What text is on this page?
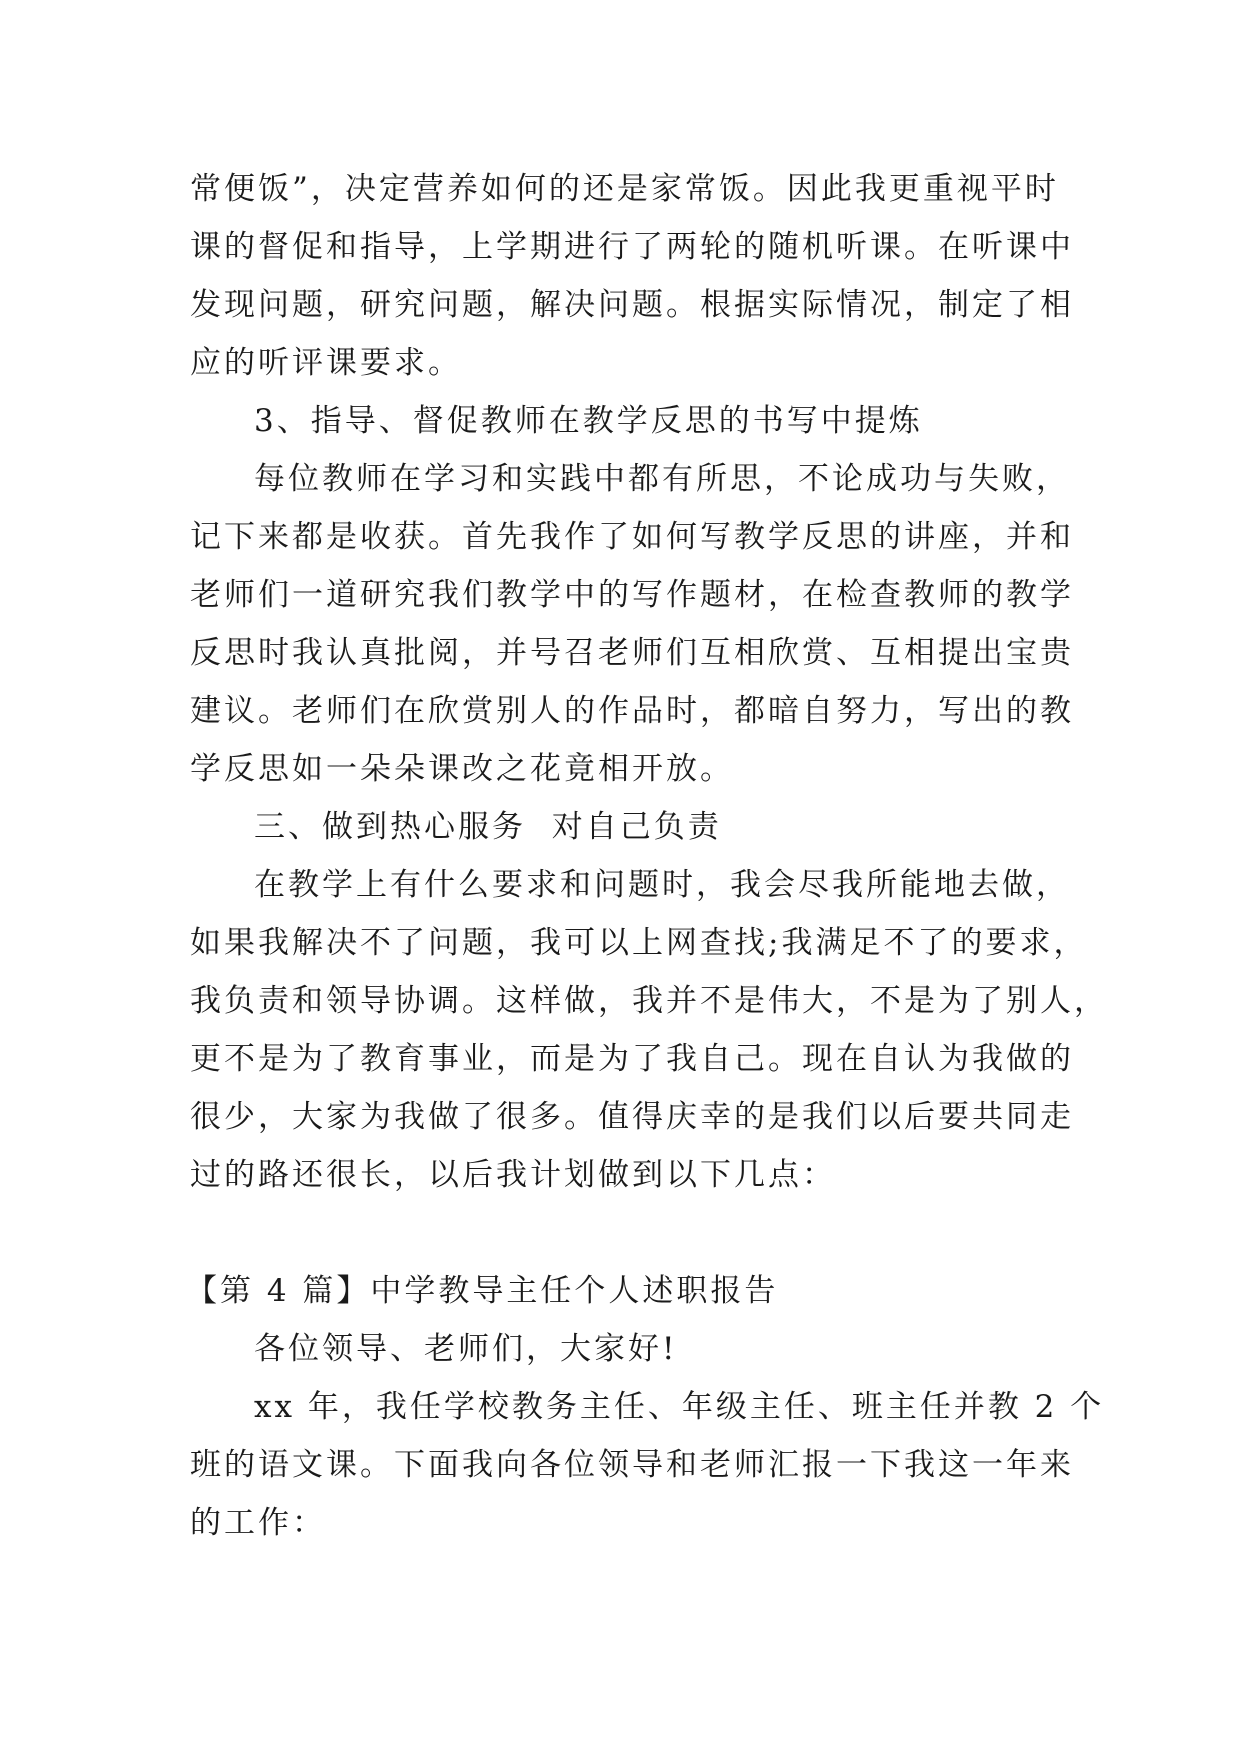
常便饭”，决定营养如何的还是家常饭。因此我更重视平时
课的督促和指导，上学期进行了两轮的随机听课。在听课中
发现问题，研究问题，解决问题。根据实际情况，制定了相
应的听评课要求。
3、指导、督促教师在教学反思的书写中提炼
每位教师在学习和实践中都有所思，不论成功与失败，
记下来都是收获。首先我作了如何写教学反思的讲座，并和
老师们一道研究我们教学中的写作题材，在检查教师的教学
反思时我认真批阅，并号召老师们互相欣赏、互相提出宝贵
建议。老师们在欣赏别人的作品时，都暗自努力，写出的教
学反思如一朵朵课改之花竟相开放。
三、做到热心服务  对自己负责
在教学上有什么要求和问题时，我会尽我所能地去做，
如果我解决不了问题，我可以上网查找;我满足不了的要求，
我负责和领导协调。这样做，我并不是伟大，不是为了别人，
更不是为了教育事业，而是为了我自己。现在自认为我做的
很少，大家为我做了很多。值得庆幸的是我们以后要共同走
过的路还很长，以后我计划做到以下几点：
【第 4 篇】中学教导主任个人述职报告
各位领导、老师们，大家好!
xx 年，我任学校教务主任、年级主任、班主任并教 2 个
班的语文课。下面我向各位领导和老师汇报一下我这一年来
的工作：
